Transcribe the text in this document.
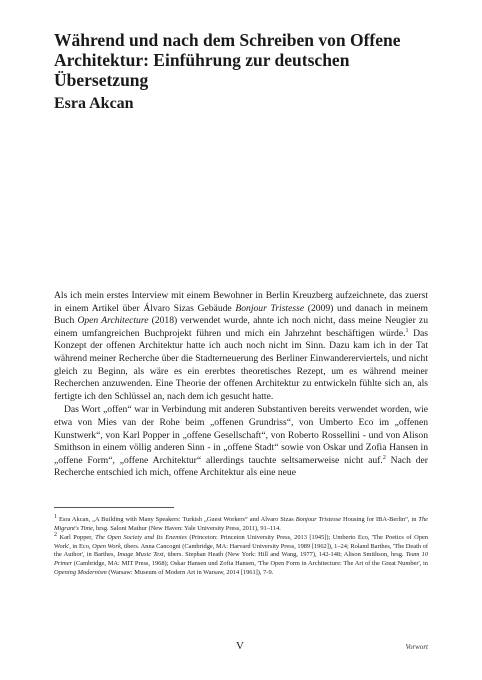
Während und nach dem Schreiben von Offene Architektur: Einführung zur deutschen Übersetzung
Esra Akcan

Als ich mein erstes Interview mit einem Bewohner in Berlin Kreuzberg aufzeichnete, das zuerst in einem Artikel über Álvaro Sizas Gebäude Bonjour Tristesse (2009) und danach in meinem Buch Open Architecture (2018) verwendet wurde, ahnte ich noch nicht, dass meine Neugier zu einem umfangreichen Buchprojekt führen und mich ein Jahrzehnt beschäftigen würde.$^1$ Das Konzept der offenen Architektur hatte ich auch noch nicht im Sinn. Dazu kam ich in der Tat während meiner Recherche über die Stadterneuerung des Berliner Einwandererviertels, und nicht gleich zu Beginn, als wäre es ein ererbtes theoretisches Rezept, um es während meiner Recherchen anzuwenden. Eine Theorie der offenen Architektur zu entwickeln fühlte sich an, als fertigte ich den Schlüssel an, nach dem ich gesucht hatte.

Das Wort „offen“ war in Verbindung mit anderen Substantiven bereits verwendet worden, wie etwa von Mies van der Rohe beim „offenen Grundriss“, von Umberto Eco im „offenen Kunstwerk“, von Karl Popper in „offene Gesellschaft“, von Roberto Rossellini - und von Alison Smithson in einem völlig anderen Sinn - in „offene Stadt“ sowie von Oskar und Zofia Hansen in „offene Form“, „offene Architektur“ allerdings tauchte seltsamerweise nicht auf.$^2$ Nach der Recherche entschied ich mich, offene Architektur als eine neue

$^1$ Esra Akcan, „A Building with Many Speakers: Turkish „Guest Workers“ and Alvaro Sizas Bonjour Tristesse Housing for IBA-Berlin“, in The Migrant's Time, hrsg. Saloni Mathur (New Haven: Yale University Press, 2011), 91–114.

$^2$ Karl Popper, The Open Society and Its Enemies (Princeton: Princeton University Press, 2013 [1945]); Umberto Eco, 'The Poetics of Open Work', in Eco, Open Work, übers. Anna Cancogni (Cambridge, MA: Harvard University Press, 1989 [1962]), 1–24; Roland Barthes, 'The Death of the Author', in Barthes, Image Music Text, übers. Stephan Heath (New York: Hill and Wang, 1977), 142-148; Alison Smithson, hrsg. Team 10 Primer (Cambridge, MA: MIT Press, 1968); Oskar Hansen und Zofia Hansen, 'The Open Form in Architecture: The Art of the Great Number', in Opening Modernism (Warsaw: Museum of Modern Art in Warsaw, 2014 [1961]), 7-9.

V	Vorwort
